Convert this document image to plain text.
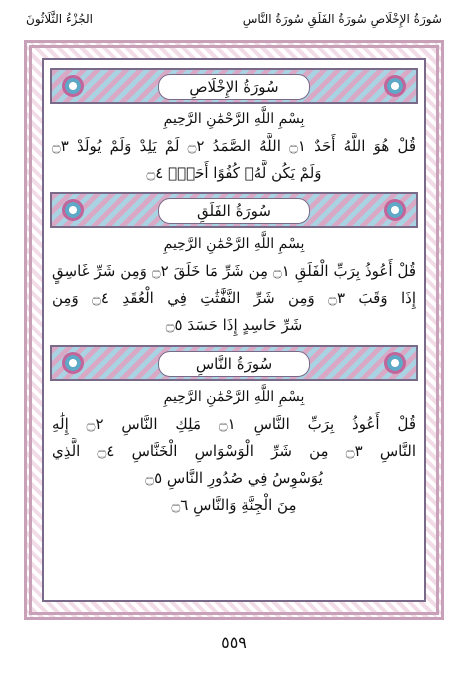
الجُزْءُ الثَّلَاثُونَ	سُورَةُ الإِخْلَاصِ سُورَةُ الفَلَقِ سُورَةُ النَّاسِ
سُورَةُ الإِخْلَاصِ
بِسْمِ اللَّهِ الرَّحْمَٰنِ الرَّحِيمِ
قُلْ هُوَ اللَّهُ أَحَدٌ ۝١ اللَّهُ الصَّمَدُ ۝٢ لَمْ يَلِدْ وَلَمْ يُولَدْ ۝٣
وَلَمْ يَكُن لَّهُۥ كُفُوًا أَحَدٌۢ ۝٤
سُورَةُ الفَلَقِ
بِسْمِ اللَّهِ الرَّحْمَٰنِ الرَّحِيمِ
قُلْ أَعُوذُ بِرَبِّ الْفَلَقِ ۝١ مِن شَرِّ مَا خَلَقَ ۝٢ وَمِن شَرِّ غَاسِقٍ
إِذَا وَقَبَ ۝٣ وَمِن شَرِّ النَّفَّٰثَٰتِ فِي الْعُقَدِ ۝٤ وَمِن
شَرِّ حَاسِدٍ إِذَا حَسَدَ ۝٥
سُورَةُ النَّاسِ
بِسْمِ اللَّهِ الرَّحْمَٰنِ الرَّحِيمِ
قُلْ أَعُوذُ بِرَبِّ النَّاسِ ۝١ مَلِكِ النَّاسِ ۝٢ إِلَٰهِ
النَّاسِ ۝٣ مِن شَرِّ الْوَسْوَاسِ الْخَنَّاسِ ۝٤ الَّذِي
يُوَسْوِسُ فِي صُدُورِ النَّاسِ ۝٥
مِنَ الْجِنَّةِ وَالنَّاسِ ۝٦
٥٥٩
